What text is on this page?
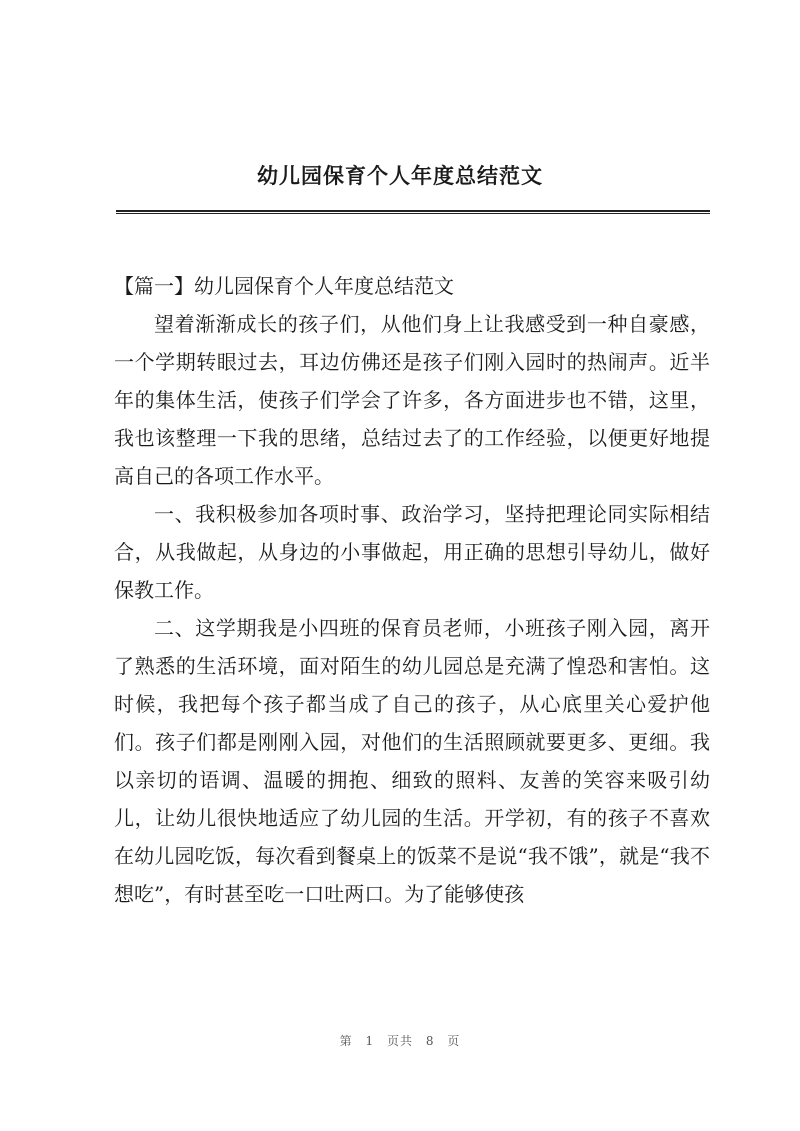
幼儿园保育个人年度总结范文

【篇一】幼儿园保育个人年度总结范文

望着渐渐成长的孩子们，从他们身上让我感受到一种自豪感，一个学期转眼过去，耳边仿佛还是孩子们刚入园时的热闹声。近半年的集体生活，使孩子们学会了许多，各方面进步也不错，这里，我也该整理一下我的思绪，总结过去了的工作经验，以便更好地提高自己的各项工作水平。

一、我积极参加各项时事、政治学习，坚持把理论同实际相结合，从我做起，从身边的小事做起，用正确的思想引导幼儿，做好保教工作。

二、这学期我是小四班的保育员老师，小班孩子刚入园，离开了熟悉的生活环境，面对陌生的幼儿园总是充满了惶恐和害怕。这时候，我把每个孩子都当成了自己的孩子，从心底里关心爱护他们。孩子们都是刚刚入园，对他们的生活照顾就要更多、更细。我以亲切的语调、温暖的拥抱、细致的照料、友善的笑容来吸引幼儿，让幼儿很快地适应了幼儿园的生活。开学初，有的孩子不喜欢在幼儿园吃饭，每次看到餐桌上的饭菜不是说“我不饿”，就是“我不想吃”，有时甚至吃一口吐两口。为了能够使孩

第 1 页共 8 页
